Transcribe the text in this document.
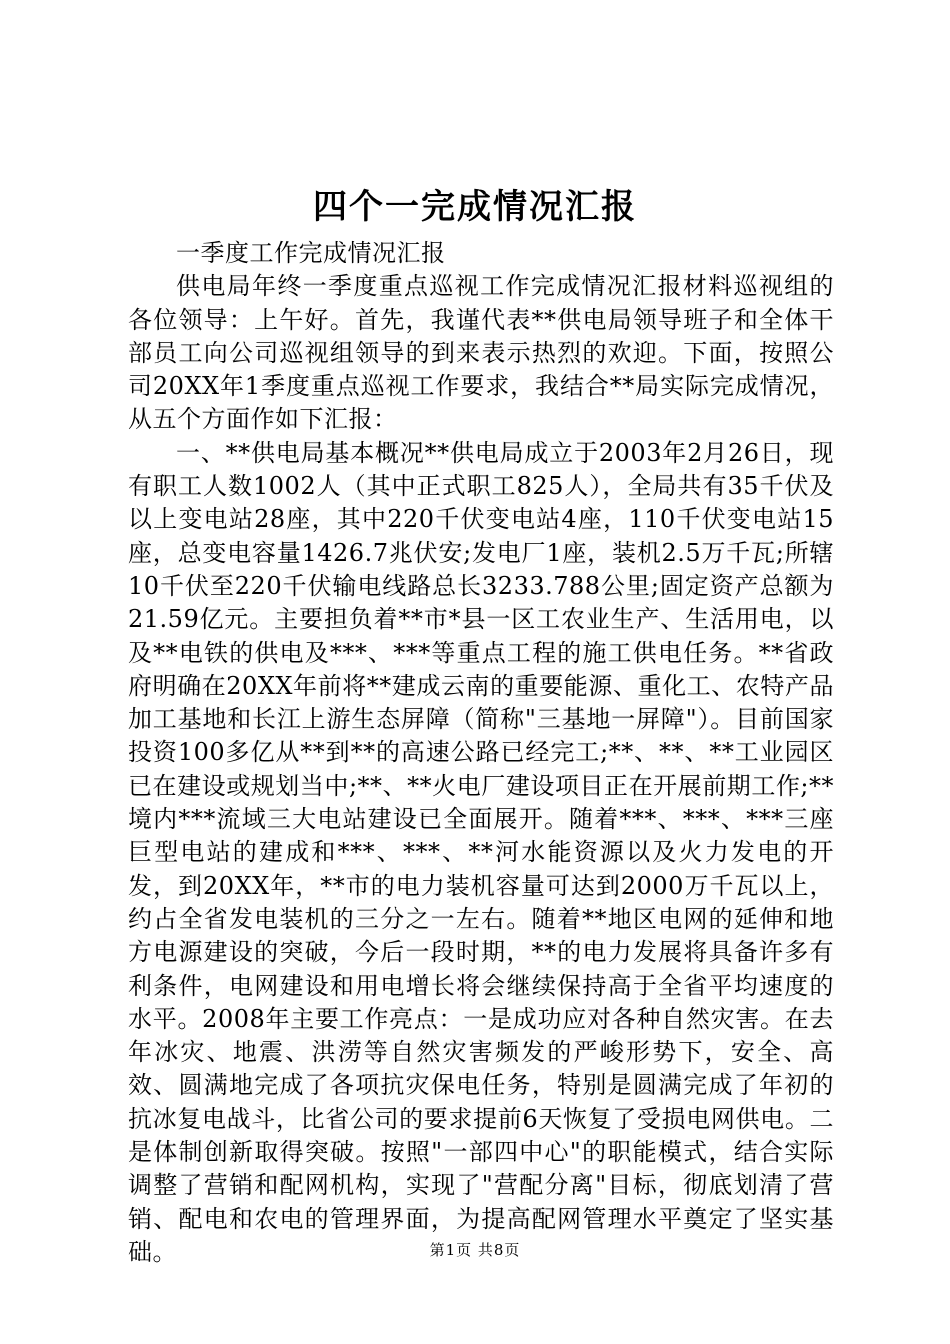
四个一完成情况汇报

一季度工作完成情况汇报

供电局年终一季度重点巡视工作完成情况汇报材料巡视组的各位领导：上午好。首先，我谨代表**供电局领导班子和全体干部员工向公司巡视组领导的到来表示热烈的欢迎。下面，按照公司20XX年1季度重点巡视工作要求，我结合**局实际完成情况，从五个方面作如下汇报：

一、**供电局基本概况**供电局成立于2003年2月26日，现有职工人数1002人（其中正式职工825人），全局共有35千伏及以上变电站28座，其中220千伏变电站4座，110千伏变电站15座，总变电容量1426.7兆伏安;发电厂1座，装机2.5万千瓦;所辖10千伏至220千伏输电线路总长3233.788公里;固定资产总额为21.59亿元。主要担负着**市*县一区工农业生产、生活用电，以及**电铁的供电及***、***等重点工程的施工供电任务。**省政府明确在20XX年前将**建成云南的重要能源、重化工、农特产品加工基地和长江上游生态屏障（简称"三基地一屏障"）。目前国家投资100多亿从**到**的高速公路已经完工;**、**、**工业园区已在建设或规划当中;**、**火电厂建设项目正在开展前期工作;**境内***流域三大电站建设已全面展开。随着***、***、***三座巨型电站的建成和***、***、**河水能资源以及火力发电的开发，到20XX年，**市的电力装机容量可达到2000万千瓦以上，约占全省发电装机的三分之一左右。随着**地区电网的延伸和地方电源建设的突破，今后一段时期，**的电力发展将具备许多有利条件，电网建设和用电增长将会继续保持高于全省平均速度的水平。2008年主要工作亮点：一是成功应对各种自然灾害。在去年冰灾、地震、洪涝等自然灾害频发的严峻形势下，安全、高效、圆满地完成了各项抗灾保电任务，特别是圆满完成了年初的抗冰复电战斗，比省公司的要求提前6天恢复了受损电网供电。二是体制创新取得突破。按照"一部四中心"的职能模式，结合实际调整了营销和配网机构，实现了"营配分离"目标，彻底划清了营销、配电和农电的管理界面，为提高配网管理水平奠定了坚实基础。	第1页 共8页
